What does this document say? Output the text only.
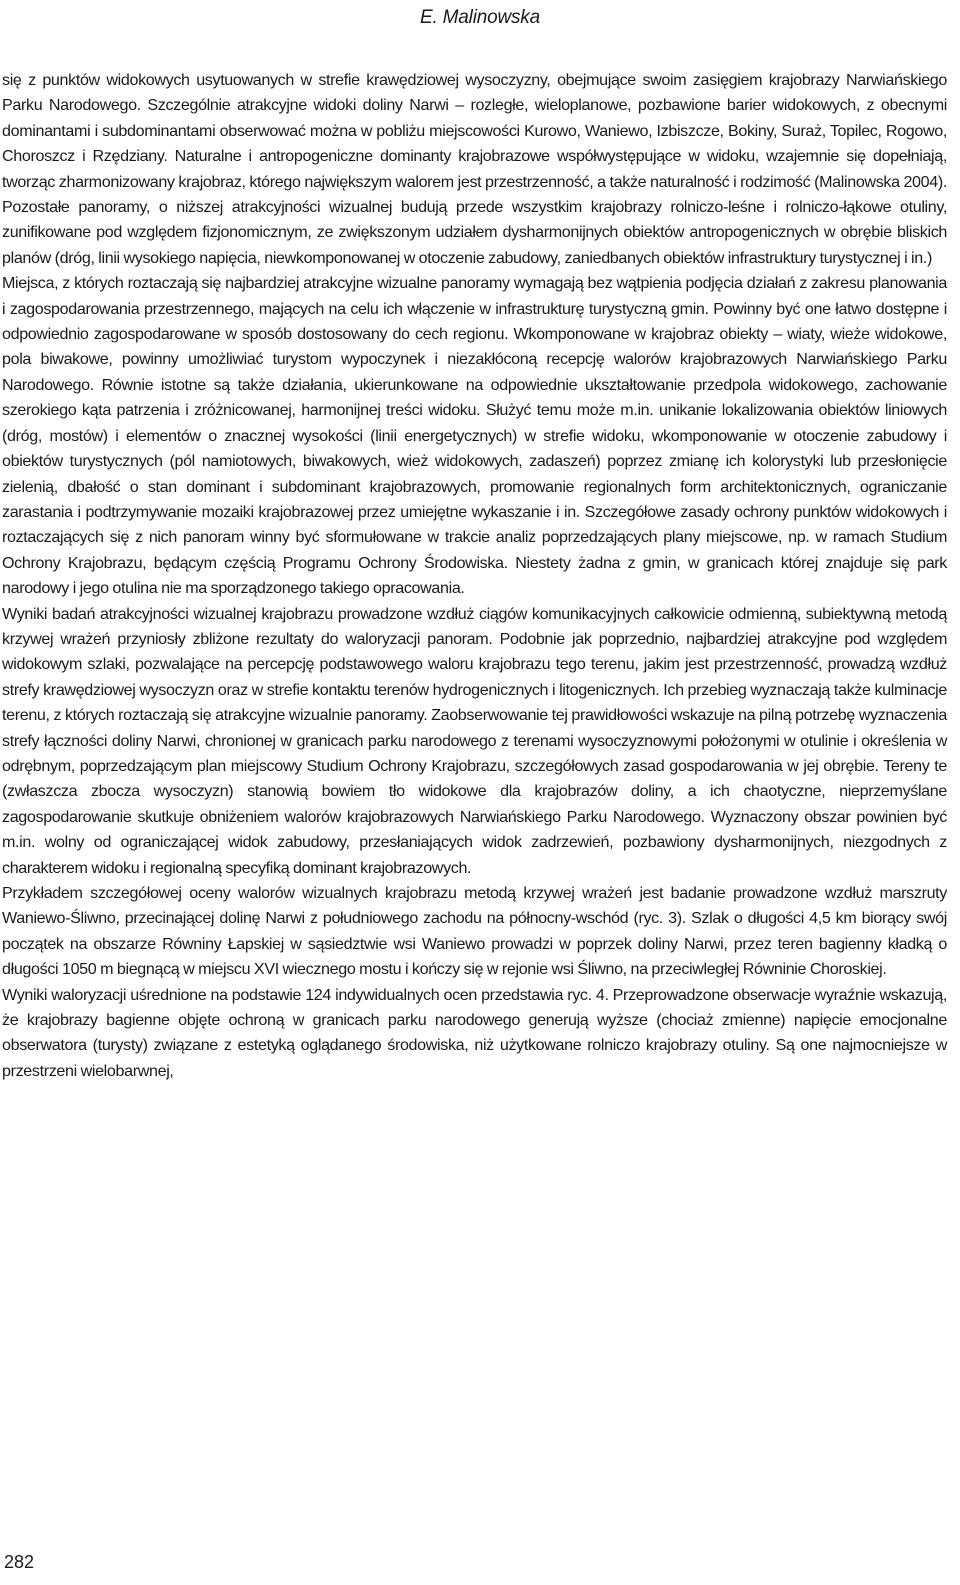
E. Malinowska

się z punktów widokowych usytuowanych w strefie krawędziowej wysoczyzny, obejmujące swoim zasięgiem krajobrazy Narwiańskiego Parku Narodowego. Szczególnie atrakcyjne widoki doliny Narwi – rozległe, wieloplanowe, pozbawione barier widokowych, z obecnymi dominantami i subdominantami obserwować można w pobliżu miejscowości Kurowo, Waniewo, Izbiszcze, Bokiny, Suraż, Topilec, Rogowo, Choroszcz i Rzędziany. Naturalne i antropogeniczne dominanty krajobrazowe współwystępujące w widoku, wzajemnie się dopełniają, tworząc zharmonizowany krajobraz, którego największym walorem jest przestrzenność, a także naturalność i rodzimość (Malinowska 2004). Pozostałe panoramy, o niższej atrakcyjności wizualnej budują przede wszystkim krajobrazy rolniczo-leśne i rolniczo-łąkowe otuliny, zunifikowane pod względem fizjonomicznym, ze zwiększonym udziałem dysharmonijnych obiektów antropogenicznych w obrębie bliskich planów (dróg, linii wysokiego napięcia, niewkomponowanej w otoczenie zabudowy, zaniedbanych obiektów infrastruktury turystycznej i in.)

Miejsca, z których roztaczają się najbardziej atrakcyjne wizualne panoramy wymagają bez wątpienia podjęcia działań z zakresu planowania i zagospodarowania przestrzennego, mających na celu ich włączenie w infrastrukturę turystyczną gmin. Powinny być one łatwo dostępne i odpowiednio zagospodarowane w sposób dostosowany do cech regionu. Wkomponowane w krajobraz obiekty – wiaty, wieże widokowe, pola biwakowe, powinny umożliwiać turystom wypoczynek i niezakłóconą recepcję walorów krajobrazowych Narwiańskiego Parku Narodowego. Równie istotne są także działania, ukierunkowane na odpowiednie ukształtowanie przedpola widokowego, zachowanie szerokiego kąta patrzenia i zróżnicowanej, harmonijnej treści widoku. Służyć temu może m.in. unikanie lokalizowania obiektów liniowych (dróg, mostów) i elementów o znacznej wysokości (linii energetycznych) w strefie widoku, wkomponowanie w otoczenie zabudowy i obiektów turystycznych (pól namiotowych, biwakowych, wież widokowych, zadaszeń) poprzez zmianę ich kolorystyki lub przesłonięcie zielenią, dbałość o stan dominant i subdominant krajobrazowych, promowanie regionalnych form architektonicznych, ograniczanie zarastania i podtrzymywanie mozaiki krajobrazowej przez umiejętne wykaszanie i in. Szczegółowe zasady ochrony punktów widokowych i roztaczających się z nich panoram winny być sformułowane w trakcie analiz poprzedzających plany miejscowe, np. w ramach Studium Ochrony Krajobrazu, będącym częścią Programu Ochrony Środowiska. Niestety żadna z gmin, w granicach której znajduje się park narodowy i jego otulina nie ma sporządzonego takiego opracowania.

Wyniki badań atrakcyjności wizualnej krajobrazu prowadzone wzdłuż ciągów komunikacyjnych całkowicie odmienną, subiektywną metodą krzywej wrażeń przyniosły zbliżone rezultaty do waloryzacji panoram. Podobnie jak poprzednio, najbardziej atrakcyjne pod względem widokowym szlaki, pozwalające na percepcję podstawowego waloru krajobrazu tego terenu, jakim jest przestrzenność, prowadzą wzdłuż strefy krawędziowej wysoczyzn oraz w strefie kontaktu terenów hydrogenicznych i litogenicznych. Ich przebieg wyznaczają także kulminacje terenu, z których roztaczają się atrakcyjne wizualnie panoramy. Zaobserwowanie tej prawidłowości wskazuje na pilną potrzebę wyznaczenia strefy łączności doliny Narwi, chronionej w granicach parku narodowego z terenami wysoczyznowymi położonymi w otulinie i określenia w odrębnym, poprzedzającym plan miejscowy Studium Ochrony Krajobrazu, szczegółowych zasad gospodarowania w jej obrębie. Tereny te (zwłaszcza zbocza wysoczyzn) stanowią bowiem tło widokowe dla krajobrazów doliny, a ich chaotyczne, nieprzemyślane zagospodarowanie skutkuje obniżeniem walorów krajobrazowych Narwiańskiego Parku Narodowego. Wyznaczony obszar powinien być m.in. wolny od ograniczającej widok zabudowy, przesłaniających widok zadrzewień, pozbawiony dysharmonijnych, niezgodnych z charakterem widoku i regionalną specyfiką dominant krajobrazowych.

Przykładem szczegółowej oceny walorów wizualnych krajobrazu metodą krzywej wrażeń jest badanie prowadzone wzdłuż marszruty Waniewo-Śliwno, przecinającej dolinę Narwi z południowego zachodu na północny-wschód (ryc. 3). Szlak o długości 4,5 km biorący swój początek na obszarze Równiny Łapskiej w sąsiedztwie wsi Waniewo prowadzi w poprzek doliny Narwi, przez teren bagienny kładką o długości 1050 m biegnącą w miejscu XVI wiecznego mostu i kończy się w rejonie wsi Śliwno, na przeciwległej Równinie Choroskiej.

Wyniki waloryzacji uśrednione na podstawie 124 indywidualnych ocen przedstawia ryc. 4. Przeprowadzone obserwacje wyraźnie wskazują, że krajobrazy bagienne objęte ochroną w granicach parku narodowego generują wyższe (chociaż zmienne) napięcie emocjonalne obserwatora (turysty) związane z estetyką oglądanego środowiska, niż użytkowane rolniczo krajobrazy otuliny. Są one najmocniejsze w przestrzeni wielobarwnej,

282
